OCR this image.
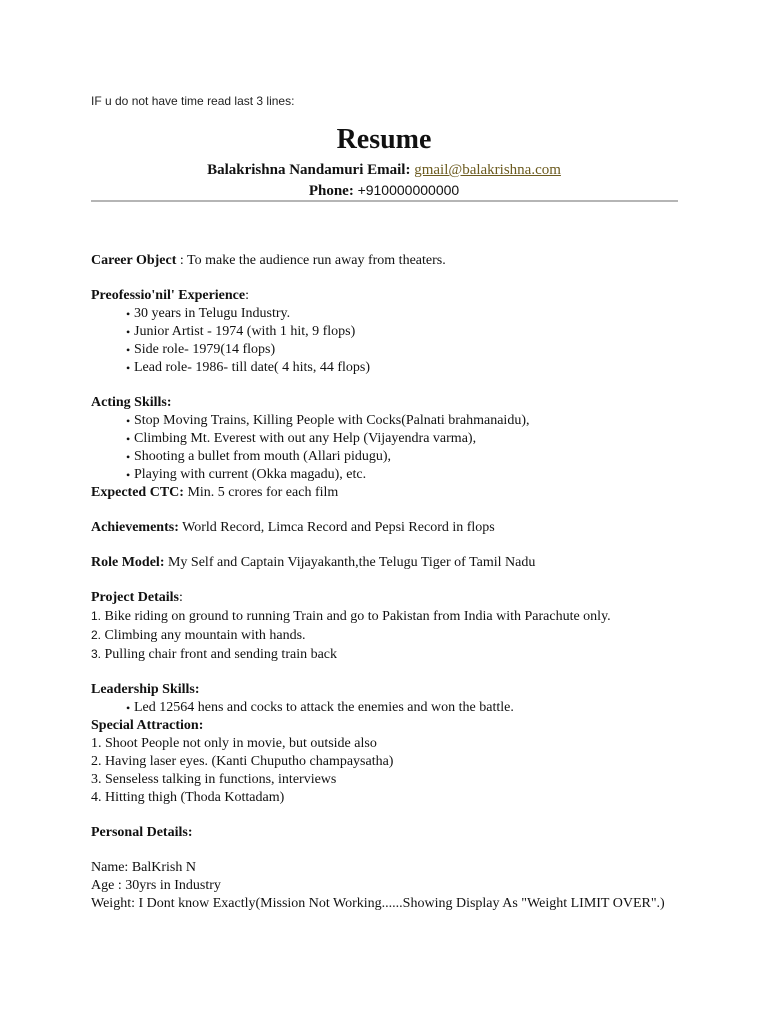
IF u do not have time read last 3 lines:
Resume
Balakrishna Nandamuri Email: gmail@balakrishna.com
Phone: +910000000000

Career Object : To make the audience run away from theaters.

Preofessio'nil' Experience:

• 30 years in Telugu Industry.
• Junior Artist - 1974 (with 1 hit, 9 flops)
• Side role- 1979(14 flops)
• Lead role- 1986- till date( 4 hits, 44 flops)

Acting Skills:

• Stop Moving Trains, Killing People with Cocks(Palnati brahmanaidu),
• Climbing Mt. Everest with out any Help (Vijayendra varma),
• Shooting a bullet from mouth (Allari pidugu),
• Playing with current (Okka magadu), etc.

Expected CTC: Min. 5 crores for each film

Achievements: World Record, Limca Record and Pepsi Record in flops

Role Model: My Self and Captain Vijayakanth,the Telugu Tiger of Tamil Nadu

Project Details:

1. Bike riding on ground to running Train and go to Pakistan from India with Parachute only.

2. Climbing any mountain with hands.

3. Pulling chair front and sending train back

Leadership Skills:

• Led 12564 hens and cocks to attack the enemies and won the battle.

Special Attraction:

1. Shoot People not only in movie, but outside also

2. Having laser eyes. (Kanti Chuputho champaysatha)

3. Senseless talking in functions, interviews

4. Hitting thigh (Thoda Kottadam)

Personal Details:

Name: BalKrish N

Age : 30yrs in Industry

Weight: I Dont know Exactly(Mission Not Working......Showing Display As "Weight LIMIT OVER".)
